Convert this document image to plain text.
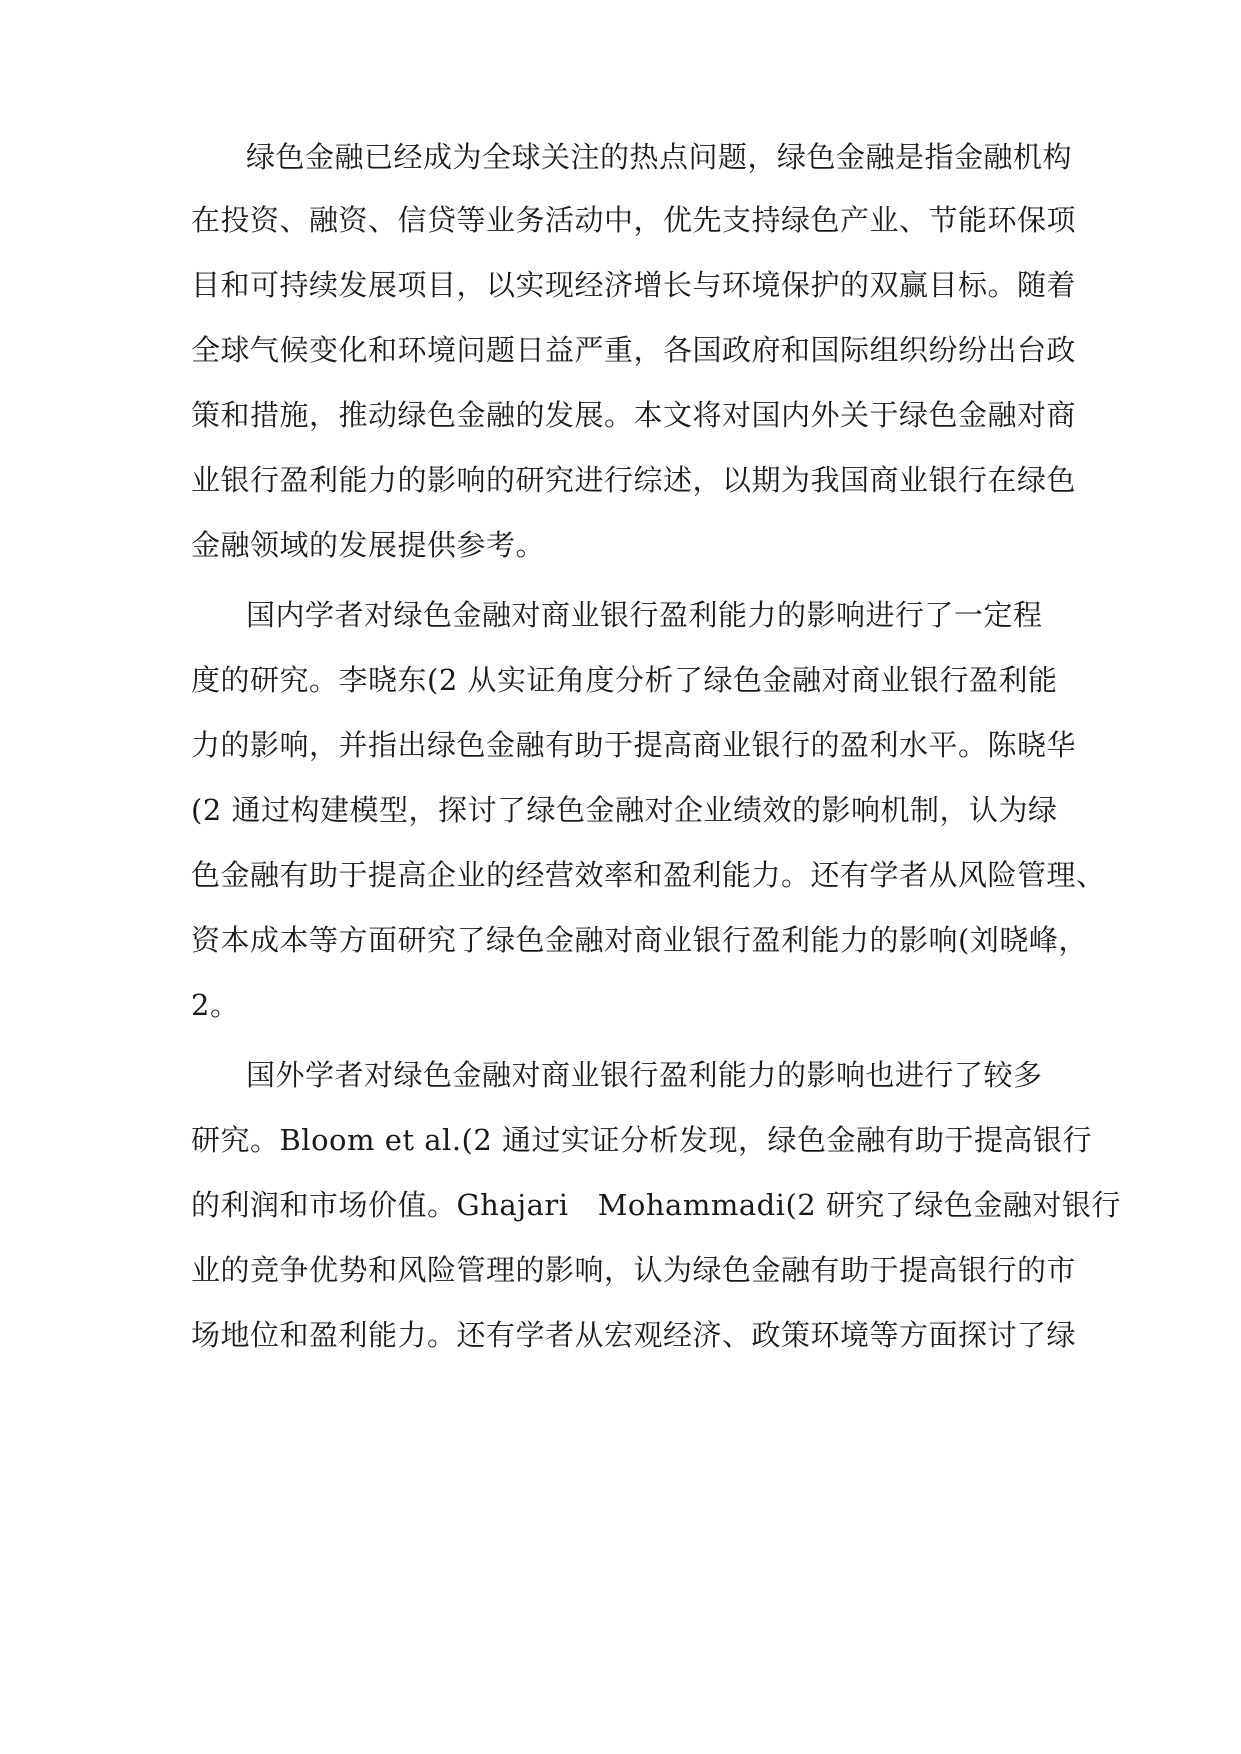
绿色金融已经成为全球关注的热点问题，绿色金融是指金融机构
在投资、融资、信贷等业务活动中，优先支持绿色产业、节能环保项
目和可持续发展项目，以实现经济增长与环境保护的双赢目标。随着
全球气候变化和环境问题日益严重，各国政府和国际组织纷纷出台政
策和措施，推动绿色金融的发展。本文将对国内外关于绿色金融对商
业银行盈利能力的影响的研究进行综述，以期为我国商业银行在绿色
金融领域的发展提供参考。
国内学者对绿色金融对商业银行盈利能力的影响进行了一定程
度的研究。李晓东(2 从实证角度分析了绿色金融对商业银行盈利能
力的影响，并指出绿色金融有助于提高商业银行的盈利水平。陈晓华
(2 通过构建模型，探讨了绿色金融对企业绩效的影响机制，认为绿
色金融有助于提高企业的经营效率和盈利能力。还有学者从风险管理、
资本成本等方面研究了绿色金融对商业银行盈利能力的影响(刘晓峰，
2。
国外学者对绿色金融对商业银行盈利能力的影响也进行了较多
研究。Bloom et al.(2 通过实证分析发现，绿色金融有助于提高银行
的利润和市场价值。Ghajari   Mohammadi(2 研究了绿色金融对银行
业的竞争优势和风险管理的影响，认为绿色金融有助于提高银行的市
场地位和盈利能力。还有学者从宏观经济、政策环境等方面探讨了绿
